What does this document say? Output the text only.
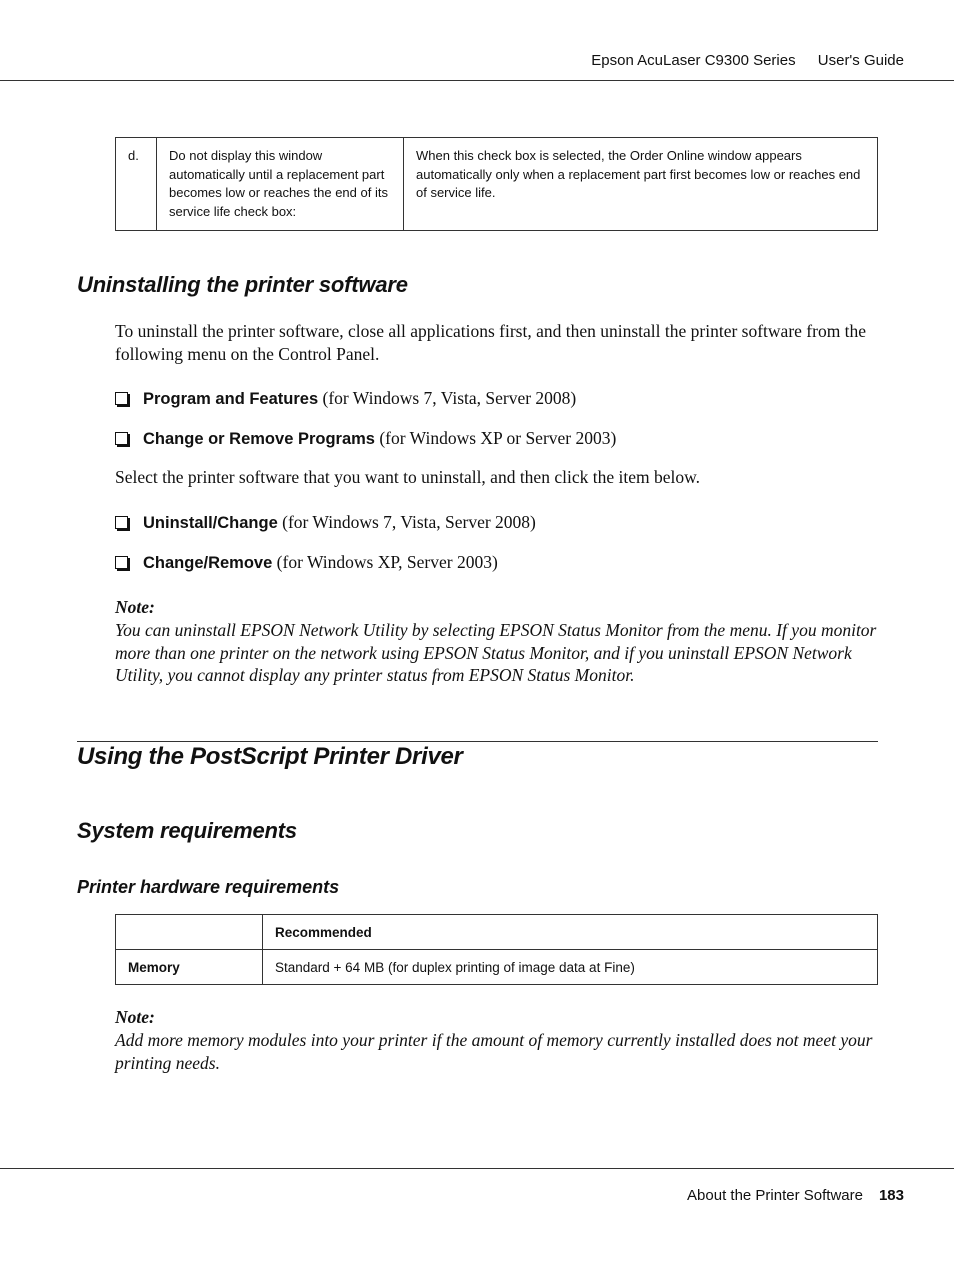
Epson AcuLaser C9300 Series User's Guide
d.	Do not display this window automatically until a replacement part becomes low or reaches the end of its service life check box:	When this check box is selected, the Order Online window appears automatically only when a replacement part first becomes low or reaches end of service life.
Uninstalling the printer software
To uninstall the printer software, close all applications first, and then uninstall the printer software from the following menu on the Control Panel.
Program and Features (for Windows 7, Vista, Server 2008)
Change or Remove Programs (for Windows XP or Server 2003)
Select the printer software that you want to uninstall, and then click the item below.
Uninstall/Change (for Windows 7, Vista, Server 2008)
Change/Remove (for Windows XP, Server 2003)
Note:
You can uninstall EPSON Network Utility by selecting EPSON Status Monitor from the menu. If you monitor more than one printer on the network using EPSON Status Monitor, and if you uninstall EPSON Network Utility, you cannot display any printer status from EPSON Status Monitor.
Using the PostScript Printer Driver
System requirements
Printer hardware requirements
	Recommended
Memory	Standard + 64 MB (for duplex printing of image data at Fine)
Note:
Add more memory modules into your printer if the amount of memory currently installed does not meet your printing needs.
About the Printer Software 183
